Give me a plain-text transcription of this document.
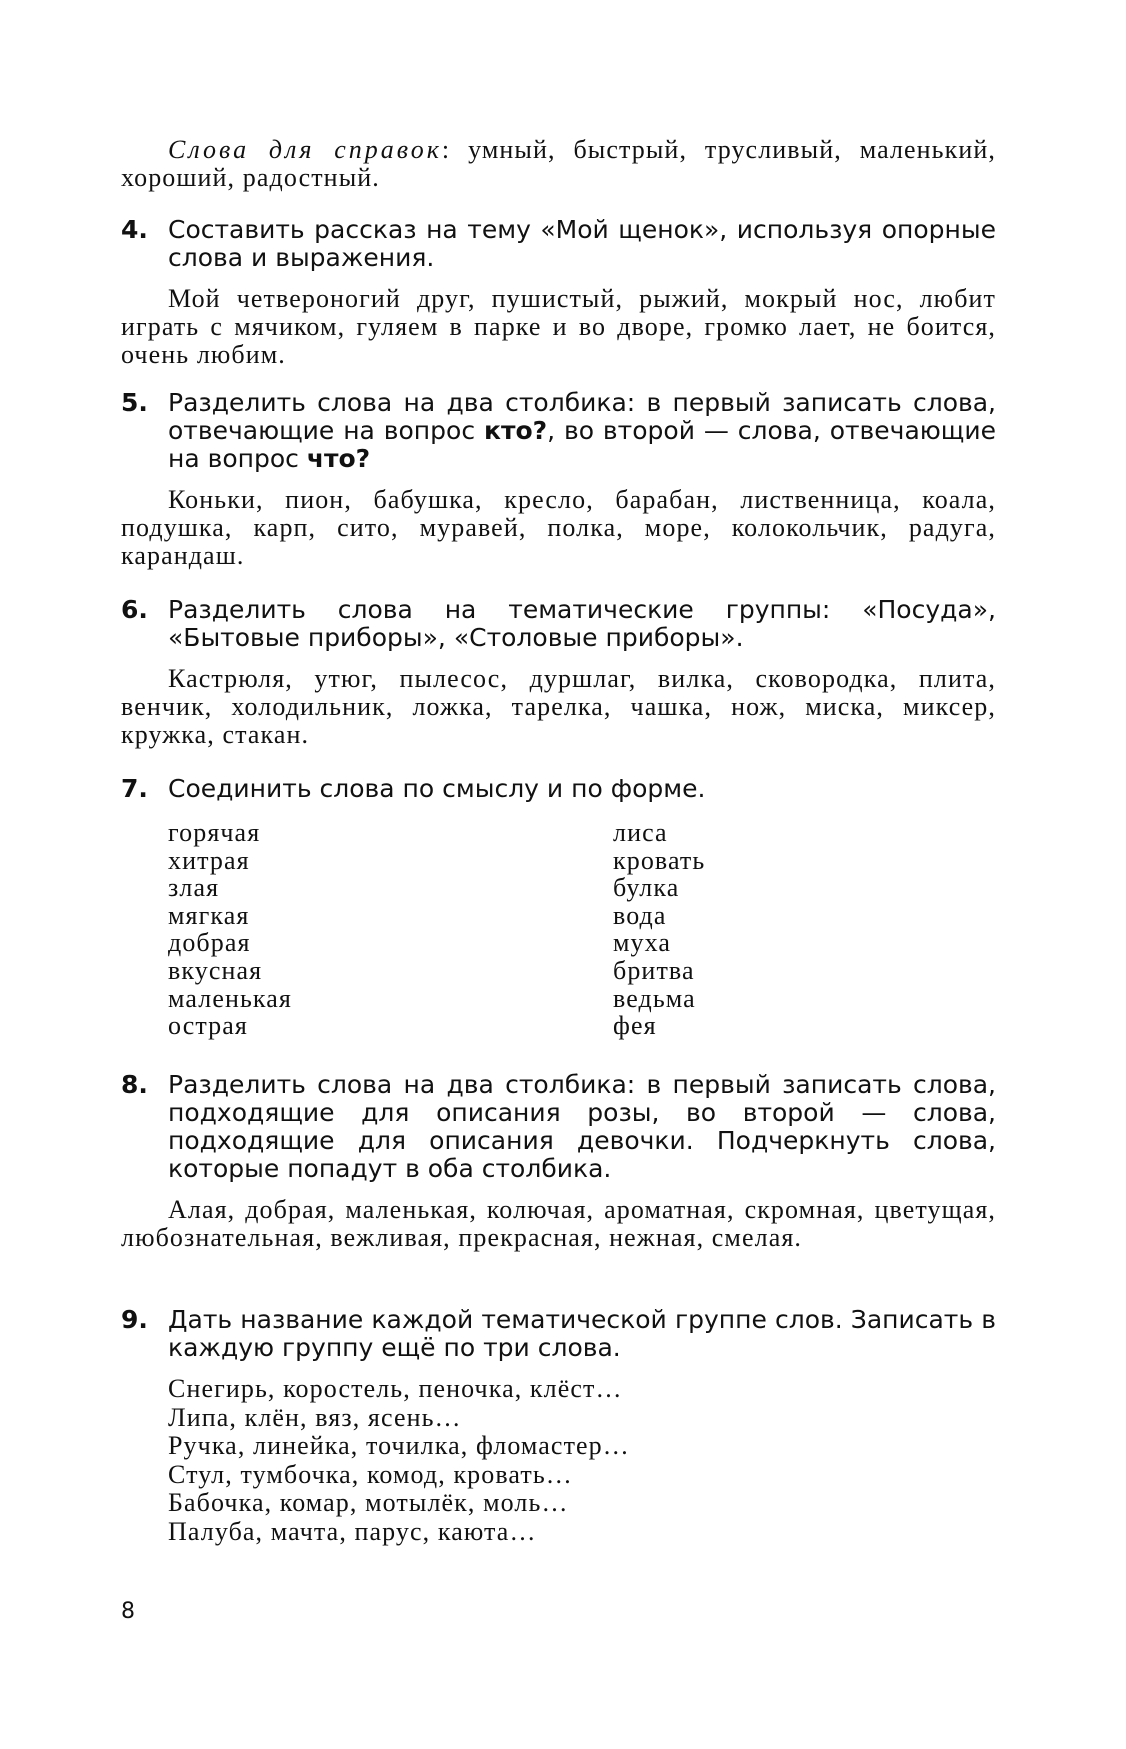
Слова для справок: умный, быстрый, трусливый, маленький, хороший, радостный.

4. Составить рассказ на тему «Мой щенок», используя опорные слова и выражения.

Мой четвероногий друг, пушистый, рыжий, мокрый нос, любит играть с мячиком, гуляем в парке и во дворе, громко лает, не боится, очень любим.

5. Разделить слова на два столбика: в первый записать слова, отвечающие на вопрос кто?, во второй — слова, отвечающие на вопрос что?

Коньки, пион, бабушка, кресло, барабан, лиственница, коала, подушка, карп, сито, муравей, полка, море, колокольчик, радуга, карандаш.

6. Разделить слова на тематические группы: «Посуда», «Бытовые приборы», «Столовые приборы».

Кастрюля, утюг, пылесос, дуршлаг, вилка, сковородка, плита, венчик, холодильник, ложка, тарелка, чашка, нож, миска, миксер, кружка, стакан.

7. Соединить слова по смыслу и по форме.

горячая
хитрая
злая
мягкая
добрая
вкусная
маленькая
острая
лиса
кровать
булка
вода
муха
бритва
ведьма
фея
8. Разделить слова на два столбика: в первый записать слова, подходящие для описания розы, во второй — слова, подходящие для описания девочки. Подчеркнуть слова, которые попадут в оба столбика.

Алая, добрая, маленькая, колючая, ароматная, скромная, цветущая, любознательная, вежливая, прекрасная, нежная, смелая.

9. Дать название каждой тематической группе слов. Записать в каждую группу ещё по три слова.

Снегирь, коростель, пеночка, клёст…
Липа, клён, вяз, ясень…
Ручка, линейка, точилка, фломастер…
Стул, тумбочка, комод, кровать…
Бабочка, комар, мотылёк, моль…
Палуба, мачта, парус, каюта…
8
